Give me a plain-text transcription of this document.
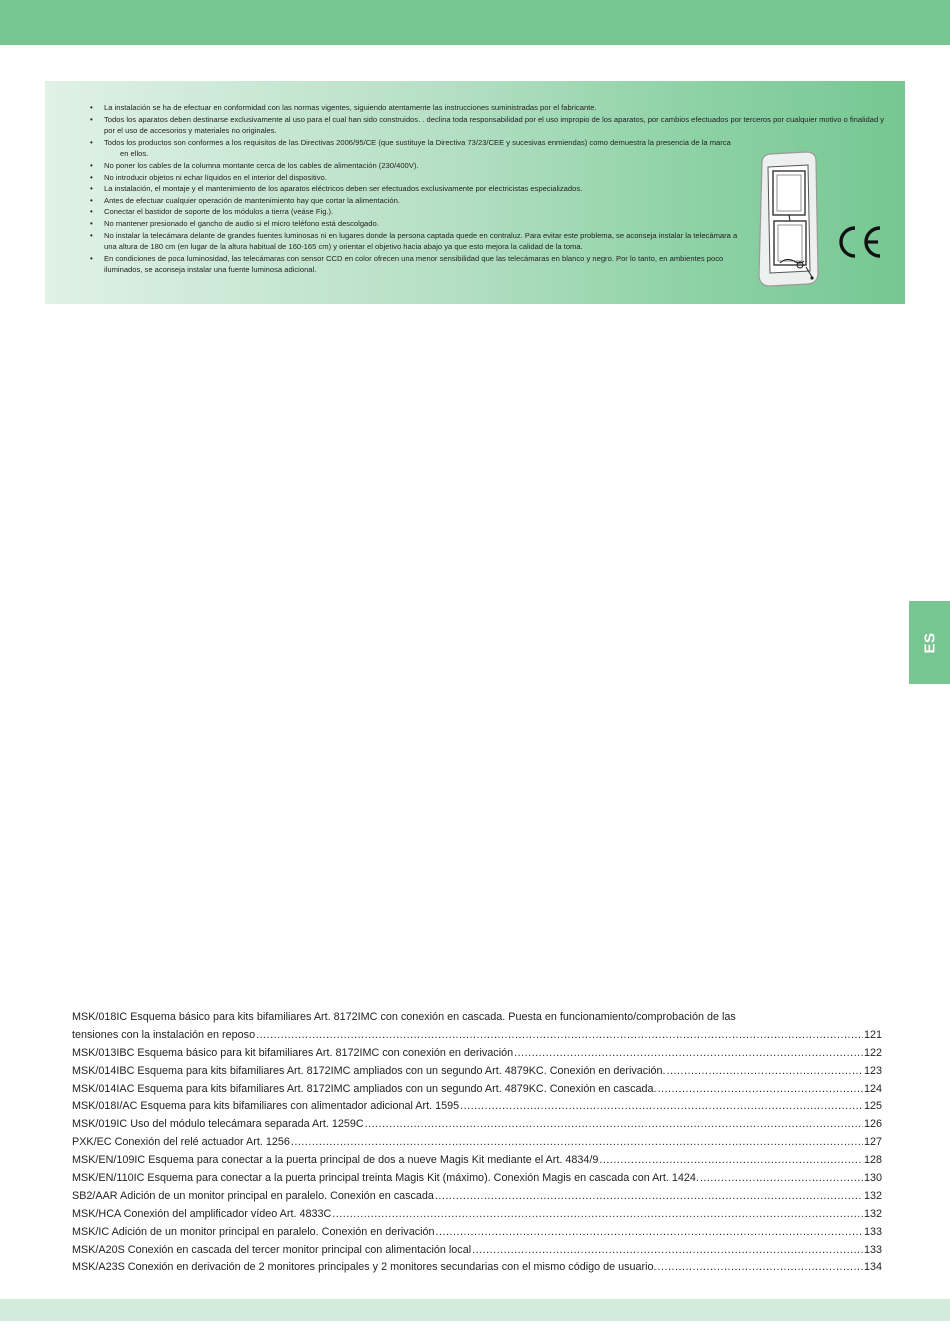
• La instalación se ha de efectuar en conformidad con las normas vigentes, siguiendo atentamente las instrucciones suministradas por el fabricante.
• Todos los aparatos deben destinarse exclusivamente al uso para el cual han sido construidos. . declina toda responsabilidad por el uso impropio de los aparatos, por cambios efectuados por terceros por cualquier motivo o finalidad y por el uso de accesorios y materiales no originales.
• Todos los productos son conformes a los requisitos de las Directivas 2006/95/CE (que sustituye la Directiva 73/23/CEE y sucesivas enmiendas) como demuestra la presencia de la marca
en ellos.
• No poner los cables de la columna montante cerca de los cables de alimentación (230/400V).
• No introducir objetos ni echar líquidos en el interior del dispositivo.
• La instalación, el montaje y el mantenimiento de los aparatos eléctricos deben ser efectuados exclusivamente por electricistas especializados.
• Antes de efectuar cualquier operación de mantenimiento hay que cortar la alimentación.
• Conectar el bastidor de soporte de los módulos a tierra (veáse Fig.).
• No mantener presionado el gancho de audio si el micro teléfono está descolgado.
• No instalar la telecámara delante de grandes fuentes luminosas ni en lugares donde la persona captada quede en contraluz. Para evitar este problema, se aconseja instalar la telecámara a una altura de 180 cm (en lugar de la altura habitual de 160-165 cm) y orientar el objetivo hacia abajo ya que esto mejora la calidad de la toma.
• En condiciones de poca luminosidad, las telecámaras con sensor CCD en color ofrecen una menor sensibilidad que las telecámaras en blanco y negro. Por lo tanto, en ambientes poco iluminados, se aconseja instalar una fuente luminosa adicional.
ES
MSK/018IC Esquema básico para kits bifamiliares Art. 8172IMC con conexión en cascada. Puesta en funcionamiento/comprobación de las
tensiones con la instalación en reposo .....	121
MSK/013IBC Esquema básico para kit bifamiliares Art. 8172IMC con conexión en derivación .....	122
MSK/014IBC Esquema para kits bifamiliares Art. 8172IMC ampliados con un segundo Art. 4879KC. Conexión en derivación. .....	123
MSK/014IAC Esquema para kits bifamiliares Art. 8172IMC ampliados con un segundo Art. 4879KC. Conexión en cascada. .....	124
MSK/018I/AC Esquema para kits bifamiliares con alimentador adicional Art. 1595 .....	125
MSK/019IC Uso del módulo telecámara separada Art. 1259C .....	126
PXK/EC Conexión del relé actuador Art. 1256 .....	127
MSK/EN/109IC Esquema para conectar a la puerta principal de dos a nueve Magis Kit mediante el Art. 4834/9 .....	128
MSK/EN/110IC Esquema para conectar a la puerta principal treinta Magis Kit (máximo). Conexión Magis en cascada con Art. 1424. .....	130
SB2/AAR Adición de un monitor principal en paralelo. Conexión en cascada .....	132
MSK/HCA Conexión del amplificador vídeo Art. 4833C .....	132
MSK/IC Adición de un monitor principal en paralelo. Conexión en derivación .....	133
MSK/A20S Conexión en cascada del tercer monitor principal con alimentación local .....	133
MSK/A23S Conexión en derivación de 2 monitores principales y 2 monitores secundarias con el mismo código de usuario. .....	134
